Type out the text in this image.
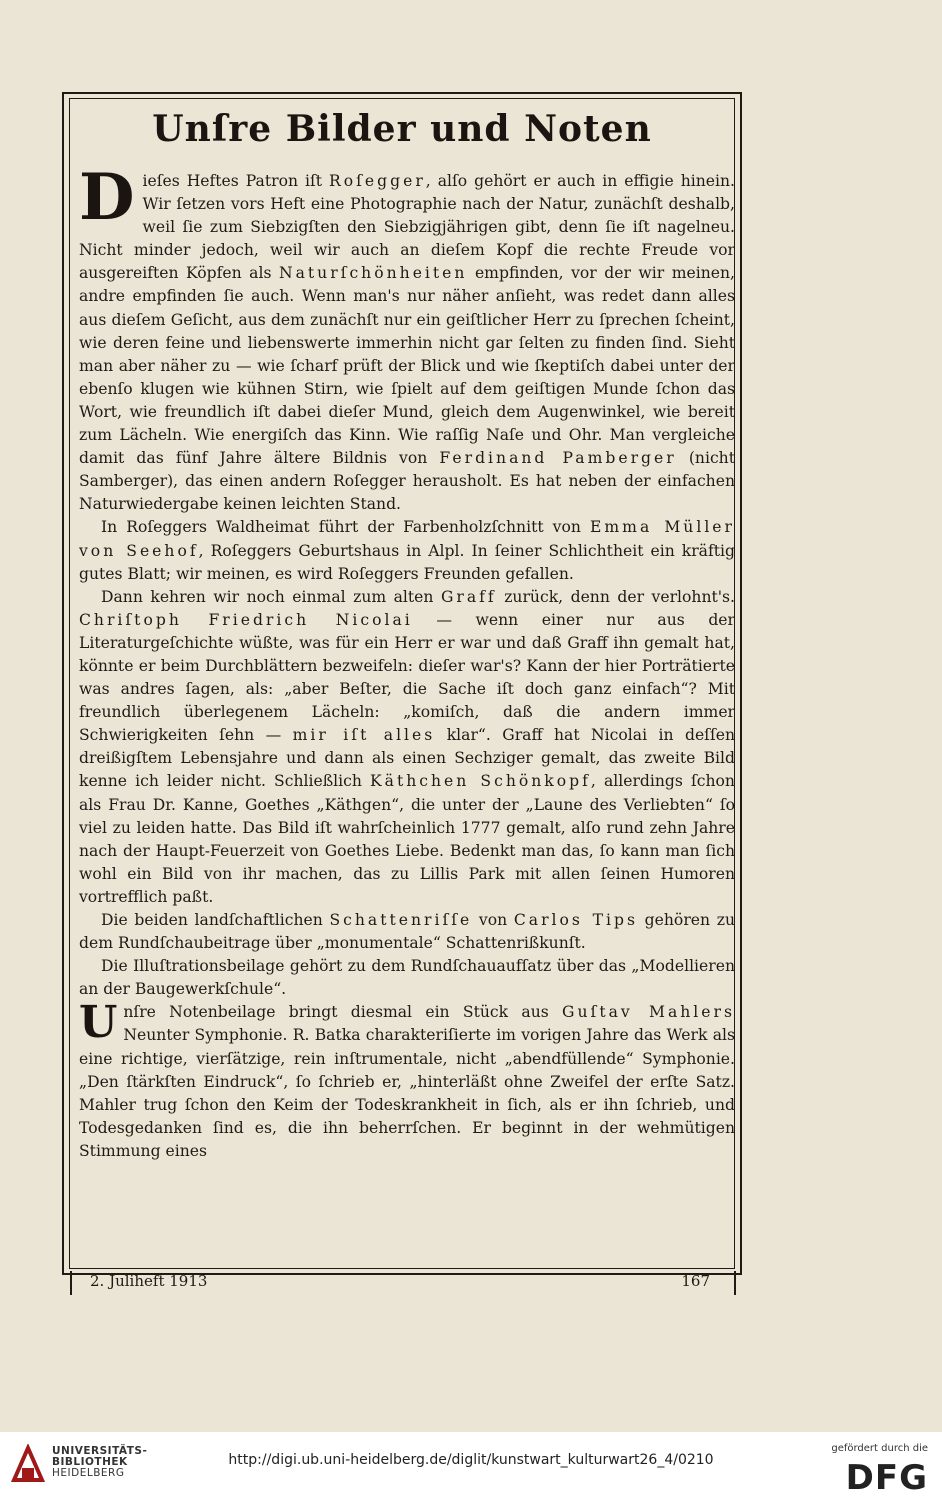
Unſre Bilder und Noten

Dieſes Heftes Patron iſt Roſegger, alſo gehört er auch in effigie hinein. Wir ſetzen vors Heft eine Photographie nach der Natur, zunächſt deshalb, weil ſie zum Siebzigſten den Siebzigjährigen gibt, denn ſie iſt nagelneu. Nicht minder jedoch, weil wir auch an dieſem Kopf die rechte Freude vor ausgereiften Köpfen als Naturſchönheiten empfinden, vor der wir meinen, andre empfinden ſie auch. Wenn man's nur näher anſieht, was redet dann alles aus dieſem Geſicht, aus dem zunächſt nur ein geiſtlicher Herr zu ſprechen ſcheint, wie deren feine und liebenswerte immerhin nicht gar ſelten zu finden ſind. Sieht man aber näher zu — wie ſcharf prüft der Blick und wie ſkeptiſch dabei unter der ebenſo klugen wie kühnen Stirn, wie ſpielt auf dem geiſtigen Munde ſchon das Wort, wie freundlich iſt dabei dieſer Mund, gleich dem Augenwinkel, wie bereit zum Lächeln. Wie energiſch das Kinn. Wie raſſig Naſe und Ohr. Man vergleiche damit das fünf Jahre ältere Bildnis von Ferdinand Pamberger (nicht Samberger), das einen andern Roſegger herausholt. Es hat neben der einfachen Naturwiedergabe keinen leichten Stand.

In Roſeggers Waldheimat führt der Farbenholzſchnitt von Emma Müller von Seehof, Roſeggers Geburtshaus in Alpl. In ſeiner Schlichtheit ein kräftig gutes Blatt; wir meinen, es wird Roſeggers Freunden gefallen.

Dann kehren wir noch einmal zum alten Graff zurück, denn der verlohnt's. Chriſtoph Friedrich Nicolai — wenn einer nur aus der Literaturgeſchichte wüßte, was für ein Herr er war und daß Graff ihn gemalt hat, könnte er beim Durchblättern bezweifeln: dieſer war's? Kann der hier Porträtierte was andres ſagen, als: „aber Beſter, die Sache iſt doch ganz einfach“? Mit freundlich überlegenem Lächeln: „komiſch, daß die andern immer Schwierigkeiten ſehn — mir iſt alles klar“. Graff hat Nicolai in deſſen dreißigſtem Lebensjahre und dann als einen Sechziger gemalt, das zweite Bild kenne ich leider nicht. Schließlich Käthchen Schönkopf, allerdings ſchon als Frau Dr. Kanne, Goethes „Käthgen“, die unter der „Laune des Verliebten“ ſo viel zu leiden hatte. Das Bild iſt wahrſcheinlich 1777 gemalt, alſo rund zehn Jahre nach der Haupt-Feuerzeit von Goethes Liebe. Bedenkt man das, ſo kann man ſich wohl ein Bild von ihr machen, das zu Lillis Park mit allen ſeinen Humoren vortrefflich paßt.

Die beiden landſchaftlichen Schattenriſſe von Carlos Tips gehören zu dem Rundſchaubeitrage über „monumentale“ Schattenrißkunſt.

Die Illuſtrationsbeilage gehört zu dem Rundſchauaufſatz über das „Modellieren an der Baugewerkſchule“.

Unſre Notenbeilage bringt diesmal ein Stück aus Guſtav Mahlers Neunter Symphonie. R. Batka charakteriſierte im vorigen Jahre das Werk als eine richtige, vierſätzige, rein inſtrumentale, nicht „abendfüllende“ Symphonie. „Den ſtärkſten Eindruck“, ſo ſchrieb er, „hinterläßt ohne Zweifel der erſte Satz. Mahler trug ſchon den Keim der Todeskrankheit in ſich, als er ihn ſchrieb, und Todesgedanken ſind es, die ihn beherrſchen. Er beginnt in der wehmütigen Stimmung eines

2. Juliheft 1913	167
UNIVERSITÄTS-
BIBLIOTHEK
HEIDELBERG
http://digi.ub.uni-heidelberg.de/diglit/kunstwart_kulturwart26_4/0210
gefördert durch die
DFG
